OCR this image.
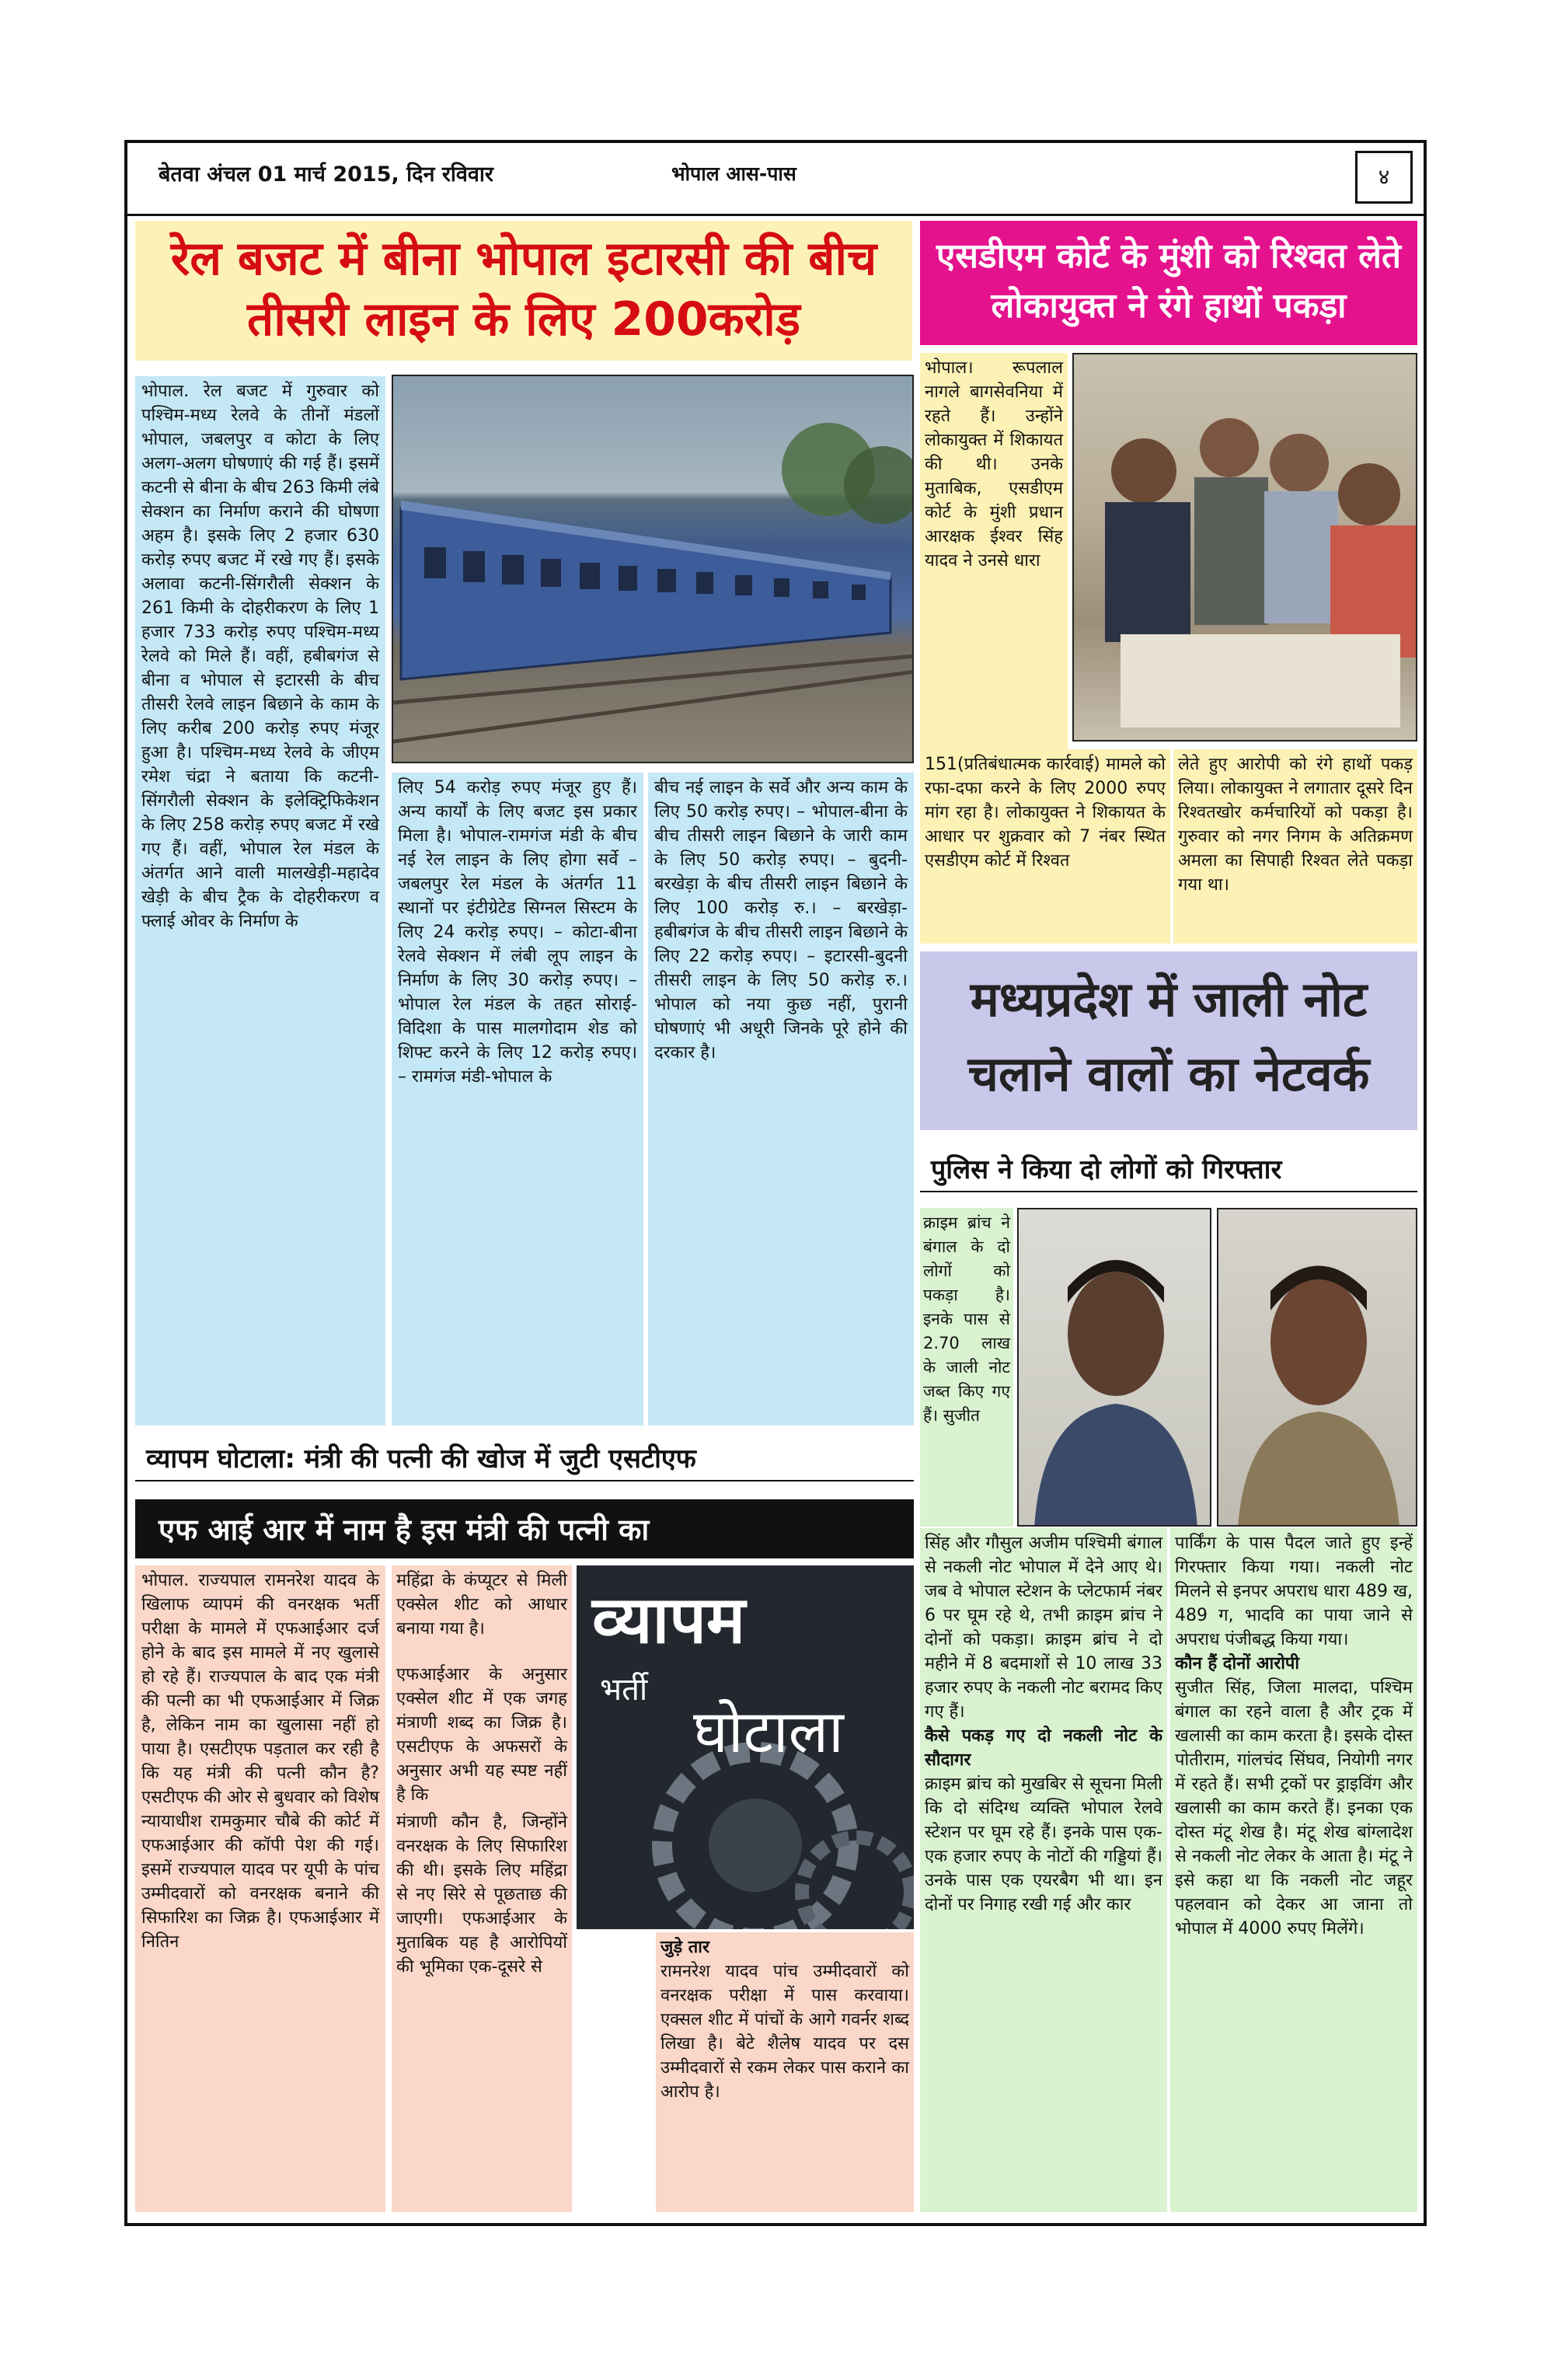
बेतवा अंचल 01 मार्च 2015, दिन रविवार	भोपाल आस-पास	४
रेल बजट में बीना भोपाल इटारसी की बीच तीसरी लाइन के लिए 200करोड़
एसडीएम कोर्ट के मुंशी को रिश्वत लेते लोकायुक्त ने रंगे हाथों पकड़ा
भोपाल. रेल बजट में गुरुवार को पश्चिम-मध्य रेलवे के तीनों मंडलों भोपाल, जबलपुर व कोटा के लिए अलग-अलग घोषणाएं की गई हैं। इसमें कटनी से बीना के बीच 263 किमी लंबे सेक्शन का निर्माण कराने की घोषणा अहम है। इसके लिए 2 हजार 630 करोड़ रुपए बजट में रखे गए हैं। इसके अलावा कटनी-सिंगरौली सेक्शन के 261 किमी के दोहरीकरण के लिए 1 हजार 733 करोड़ रुपए पश्चिम-मध्य रेलवे को मिले हैं। वहीं, हबीबगंज से बीना व भोपाल से इटारसी के बीच तीसरी रेलवे लाइन बिछाने के काम के लिए करीब 200 करोड़ रुपए मंजूर हुआ है। पश्चिम-मध्य रेलवे के जीएम रमेश चंद्रा ने बताया कि कटनी-सिंगरौली सेक्शन के इलेक्ट्रिफिकेशन के लिए 258 करोड़ रुपए बजट में रखे गए हैं। वहीं, भोपाल रेल मंडल के अंतर्गत आने वाली मालखेड़ी-महादेव खेड़ी के बीच ट्रैक के दोहरीकरण व फ्लाई ओवर के निर्माण के
लिए 54 करोड़ रुपए मंजूर हुए हैं। अन्य कार्यों के लिए बजट इस प्रकार मिला है। भोपाल-रामगंज मंडी के बीच नई रेल लाइन के लिए होगा सर्वे – जबलपुर रेल मंडल के अंतर्गत 11 स्थानों पर इंटीग्रेटेड सिग्नल सिस्टम के लिए 24 करोड़ रुपए। – कोटा-बीना रेलवे सेक्शन में लंबी लूप लाइन के निर्माण के लिए 30 करोड़ रुपए। – भोपाल रेल मंडल के तहत सोराई-विदिशा के पास मालगोदाम शेड को शिफ्ट करने के लिए 12 करोड़ रुपए। – रामगंज मंडी-भोपाल के
बीच नई लाइन के सर्वे और अन्य काम के लिए 50 करोड़ रुपए। – भोपाल-बीना के बीच तीसरी लाइन बिछाने के जारी काम के लिए 50 करोड़ रुपए। – बुदनी-बरखेड़ा के बीच तीसरी लाइन बिछाने के लिए 100 करोड़ रु.। – बरखेड़ा-हबीबगंज के बीच तीसरी लाइन बिछाने के लिए 22 करोड़ रुपए। – इटारसी-बुदनी तीसरी लाइन के लिए 50 करोड़ रु.। भोपाल को नया कुछ नहीं, पुरानी घोषणाएं भी अधूरी जिनके पूरे होने की दरकार है।
भोपाल। रूपलाल नागले बागसेवनिया में रहते हैं। उन्होंने लोकायुक्त में शिकायत की थी। उनके मुताबिक, एसडीएम कोर्ट के मुंशी प्रधान आरक्षक ईश्वर सिंह यादव ने उनसे धारा
151(प्रतिबंधात्मक कार्रवाई) मामले को रफा-दफा करने के लिए 2000 रुपए मांग रहा है। लोकायुक्त ने शिकायत के आधार पर शुक्रवार को 7 नंबर स्थित एसडीएम कोर्ट में रिश्वत
लेते हुए आरोपी को रंगे हाथों पकड़ लिया। लोकायुक्त ने लगातार दूसरे दिन रिश्वतखोर कर्मचारियों को पकड़ा है। गुरुवार को नगर निगम के अतिक्रमण अमला का सिपाही रिश्वत लेते पकड़ा गया था।
मध्यप्रदेश में जाली नोट चलाने वालों का नेटवर्क
पुलिस ने किया दो लोगों को गिरफ्तार
क्राइम ब्रांच ने बंगाल के दो लोगों को पकड़ा है। इनके पास से 2.70 लाख के जाली नोट जब्त किए गए हैं। सुजीत

सिंह और गौसुल अजीम पश्चिमी बंगाल से नकली नोट भोपाल में देने आए थे। जब वे भोपाल स्टेशन के प्लेटफार्म नंबर 6 पर घूम रहे थे, तभी क्राइम ब्रांच ने दोनों को पकड़ा। क्राइम ब्रांच ने दो महीने में 8 बदमाशों से 10 लाख 33 हजार रुपए के नकली नोट बरामद किए गए हैं।

कैसे पकड़ गए दो नकली नोट के सौदागर

क्राइम ब्रांच को मुखबिर से सूचना मिली कि दो संदिग्ध व्यक्ति भोपाल रेलवे स्टेशन पर घूम रहे हैं। इनके पास एक-एक हजार रुपए के नोटों की गड्डियां हैं। उनके पास एक एयरबैग भी था। इन दोनों पर निगाह रखी गई और कार

पार्किंग के पास पैदल जाते हुए इन्हें गिरफ्तार किया गया। नकली नोट मिलने से इनपर अपराध धारा 489 ख, 489 ग, भादवि का पाया जाने से अपराध पंजीबद्ध किया गया।

कौन हैं दोनों आरोपी

सुजीत सिंह, जिला मालदा, पश्चिम बंगाल का रहने वाला है और ट्रक में खलासी का काम करता है। इसके दोस्त पोतीराम, गांलचंद सिंघव, नियोगी नगर में रहते हैं। सभी ट्रकों पर ड्राइविंग और खलासी का काम करते हैं। इनका एक दोस्त मंटू शेख है। मंटू शेख बांग्लादेश से नकली नोट लेकर के आता है। मंटू ने इसे कहा था कि नकली नोट जहूर पहलवान को देकर आ जाना तो भोपाल में 4000 रुपए मिलेंगे।

व्यापम घोटाला: मंत्री की पत्नी की खोज में जुटी एसटीएफ
एफ आई आर में नाम है इस मंत्री की पत्नी का
भोपाल. राज्यपाल रामनरेश यादव के खिलाफ व्यापमं की वनरक्षक भर्ती परीक्षा के मामले में एफआईआर दर्ज होने के बाद इस मामले में नए खुलासे हो रहे हैं। राज्यपाल के बाद एक मंत्री की पत्नी का भी एफआईआर में जिक्र है, लेकिन नाम का खुलासा नहीं हो पाया है। एसटीएफ पड़ताल कर रही है कि यह मंत्री की पत्नी कौन है?एसटीएफ की ओर से बुधवार को विशेष न्यायाधीश रामकुमार चौबे की कोर्ट में एफआईआर की कॉपी पेश की गई। इसमें राज्यपाल यादव पर यूपी के पांच उम्मीदवारों को वनरक्षक बनाने की सिफारिश का जिक्र है। एफआईआर में नितिन

महिंद्रा के कंप्यूटर से मिली एक्सेल शीट को आधार बनाया गया है।

एफआईआर के अनुसार एक्सेल शीट में एक जगह मंत्राणी शब्द का जिक्र है। एसटीएफ के अफसरों के अनुसार अभी यह स्पष्ट नहीं है कि

मंत्राणी कौन है, जिन्होंने वनरक्षक के लिए सिफारिश की थी। इसके लिए महिंद्रा से नए सिरे से पूछताछ की जाएगी। एफआईआर के मुताबिक यह है आरोपियों की भूमिका एक-दूसरे से

व्यापम
भर्ती
घोटाला

जुड़े तार

रामनरेश यादव पांच उम्मीदवारों को वनरक्षक परीक्षा में पास करवाया। एक्सल शीट में पांचों के आगे गवर्नर शब्द लिखा है। बेटे शैलेष यादव पर दस उम्मीदवारों से रकम लेकर पास कराने का आरोप है।
